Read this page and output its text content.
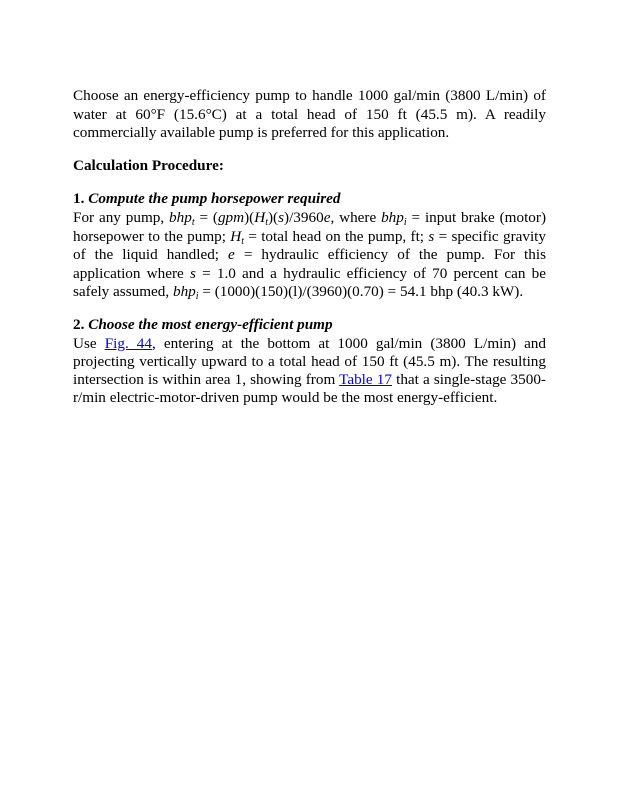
Choose an energy-efficiency pump to handle 1000 gal/min (3800 L/min) of water at 60°F (15.6°C) at a total head of 150 ft (45.5 m). A readily commercially available pump is preferred for this application.

Calculation Procedure:

1. Compute the pump horsepower required

For any pump, $bhp_t = (gpm)(H_t)(s)/3960e$, where bhp$_i$ = input brake (motor) horsepower to the pump; $H_t$ = total head on the pump, ft; s = specific gravity of the liquid handled; e = hydraulic efficiency of the pump. For this application where s = 1.0 and a hydraulic efficiency of 70 percent can be safely assumed, bhp$_i$ = (1000)(150)(l)/(3960)(0.70) = 54.1 bhp (40.3 kW).

2. Choose the most energy-efficient pump

Use Fig. 44, entering at the bottom at 1000 gal/min (3800 L/min) and projecting vertically upward to a total head of 150 ft (45.5 m). The resulting intersection is within area 1, showing from Table 17 that a single-stage 3500-r/min electric-motor-driven pump would be the most energy-efficient.
